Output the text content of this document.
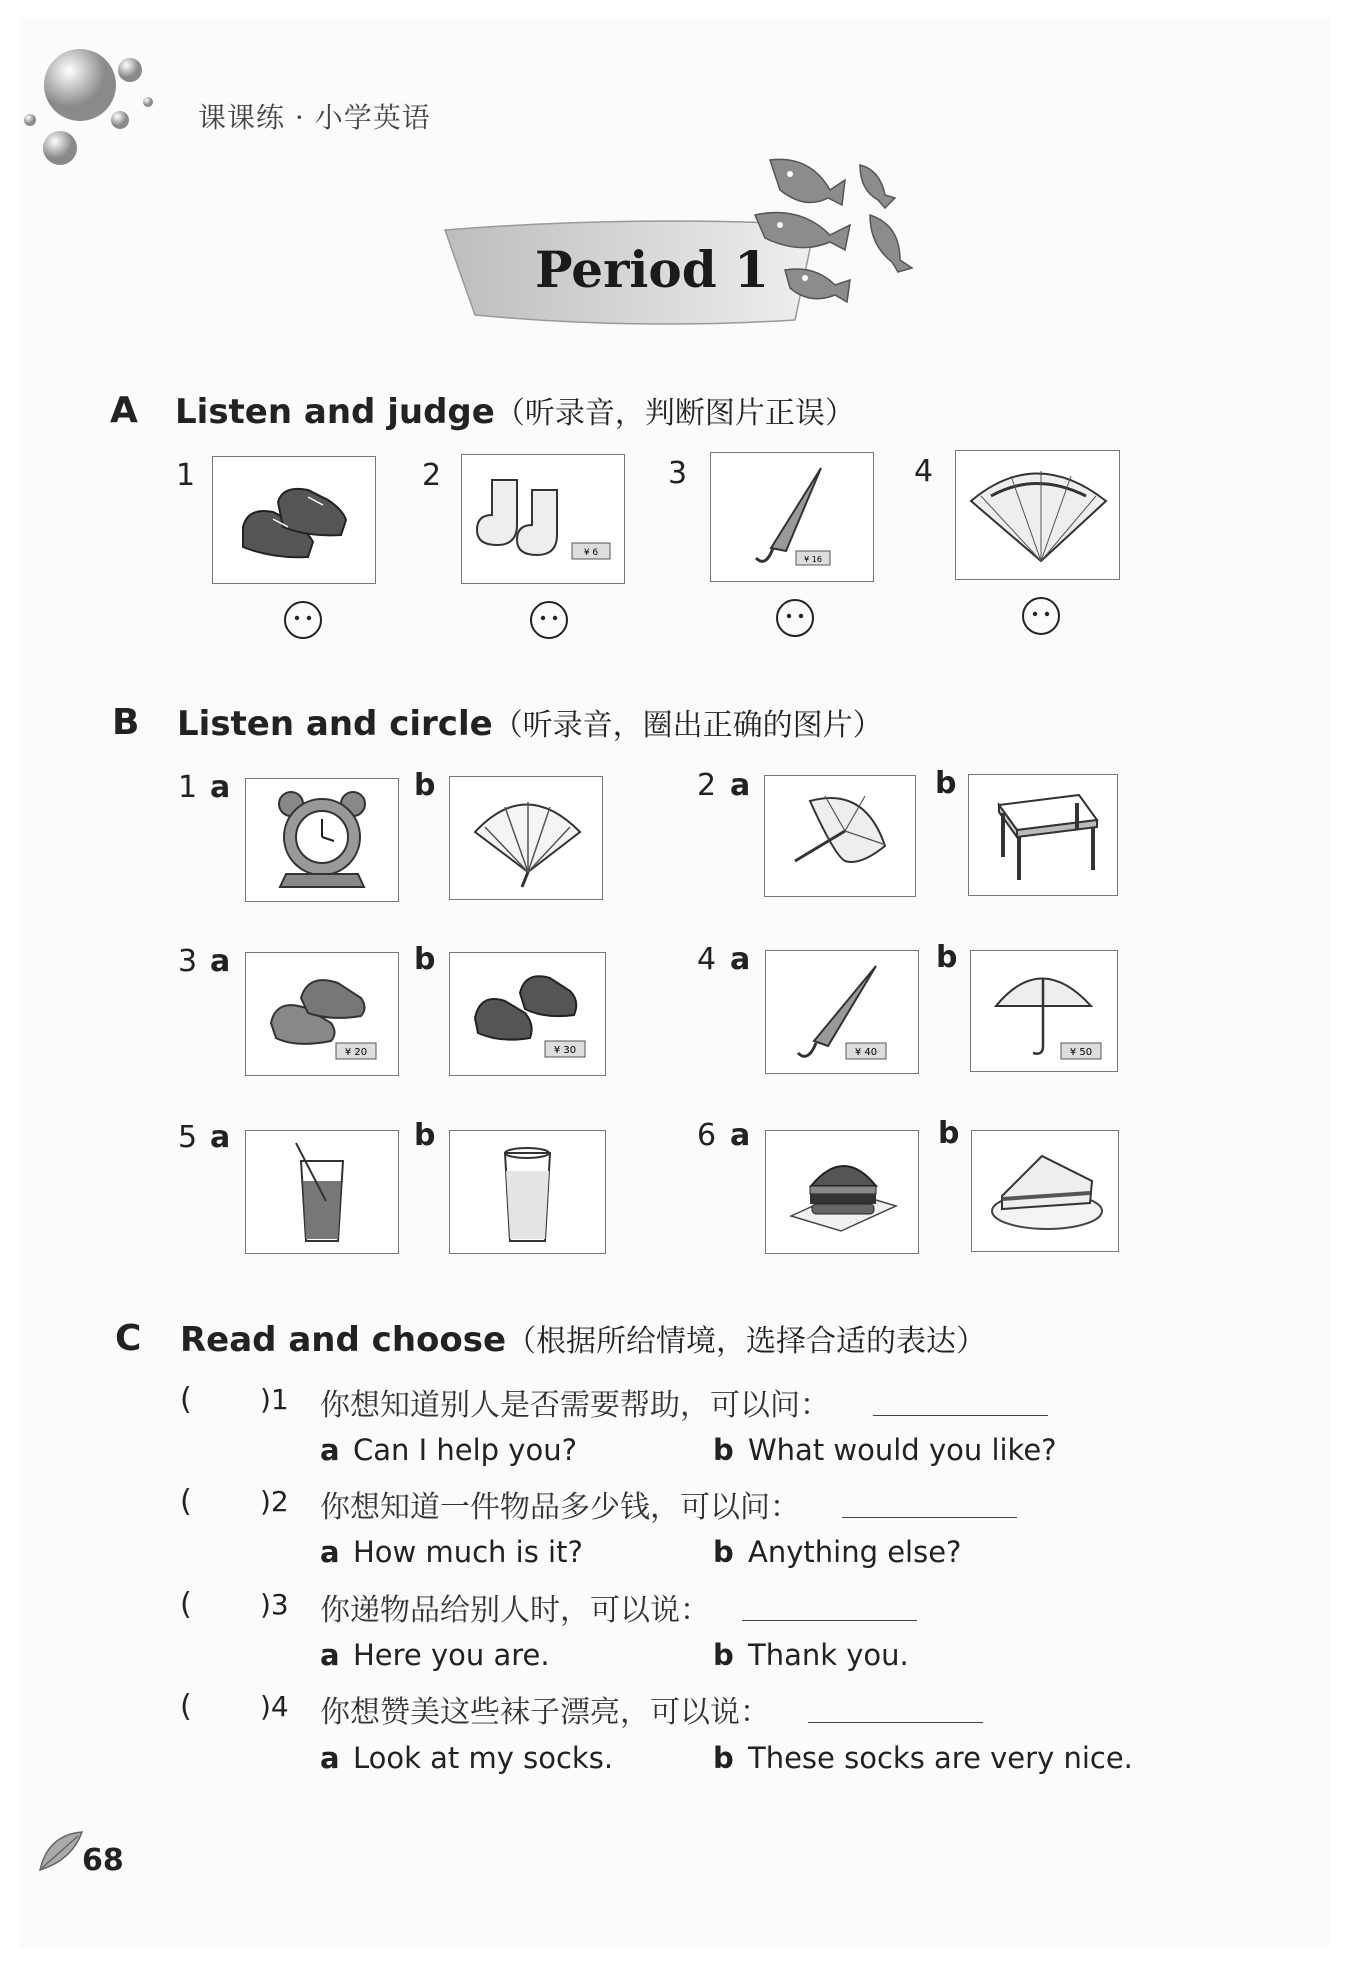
课课练 · 小学英语
Period 1
A Listen and judge（听录音，判断图片正误）
1	2
¥ 6
3
¥ 16
4
B Listen and circle（听录音，圈出正确的图片）
1 a	b	2 a	b
3 a
¥ 20
b
¥ 30
4 a
¥ 40
b
¥ 50
5 a	b	6 a	b
C Read and choose（根据所给情境，选择合适的表达）
( )1 你想知道别人是否需要帮助，可以问：
a Can I help you?	b What would you like?
( )2 你想知道一件物品多少钱，可以问：
a How much is it?	b Anything else?
( )3 你递物品给别人时，可以说：
a Here you are.	b Thank you.
( )4 你想赞美这些袜子漂亮，可以说：
a Look at my socks.	b These socks are very nice.
68
